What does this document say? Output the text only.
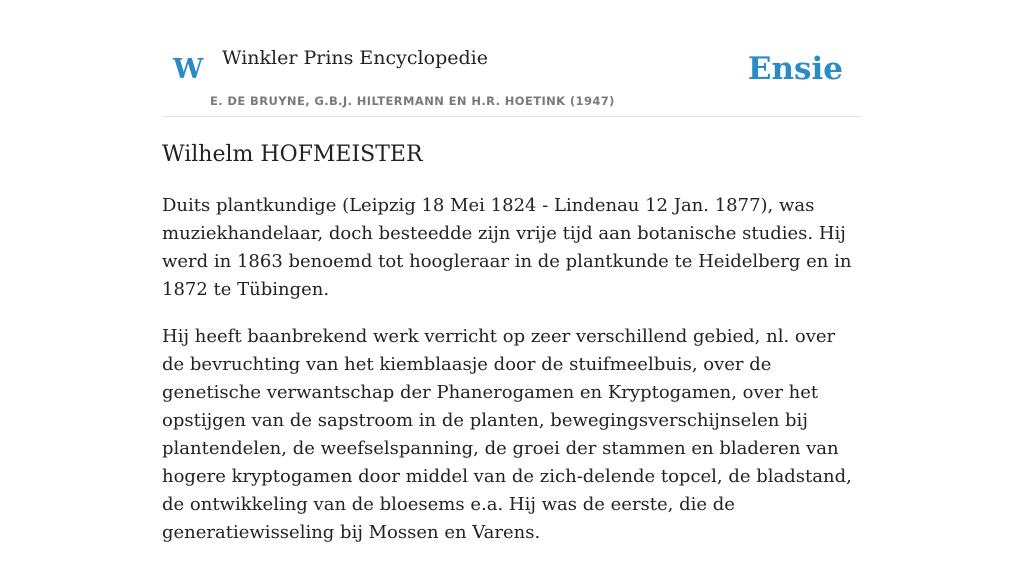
W Winkler Prins Encyclopedie
E. DE BRUYNE, G.B.J. HILTERMANN EN H.R. HOETINK (1947)
Ensie
Wilhelm HOFMEISTER

Duits plantkundige (Leipzig 18 Mei 1824 - Lindenau 12 Jan. 1877), was muziekhandelaar, doch besteedde zijn vrije tijd aan botanische studies. Hij werd in 1863 benoemd tot hoogleraar in de plantkunde te Heidelberg en in 1872 te Tübingen.

Hij heeft baanbrekend werk verricht op zeer verschillend gebied, nl. over de bevruchting van het kiemblaasje door de stuifmeelbuis, over de genetische verwantschap der Phanerogamen en Kryptogamen, over het opstijgen van de sapstroom in de planten, bewegingsverschijnselen bij plantendelen, de weefselspanning, de groei der stammen en bladeren van hogere kryptogamen door middel van de zich-delende topcel, de bladstand, de ontwikkeling van de bloesems e.a. Hij was de eerste, die de generatiewisseling bij Mossen en Varens.
